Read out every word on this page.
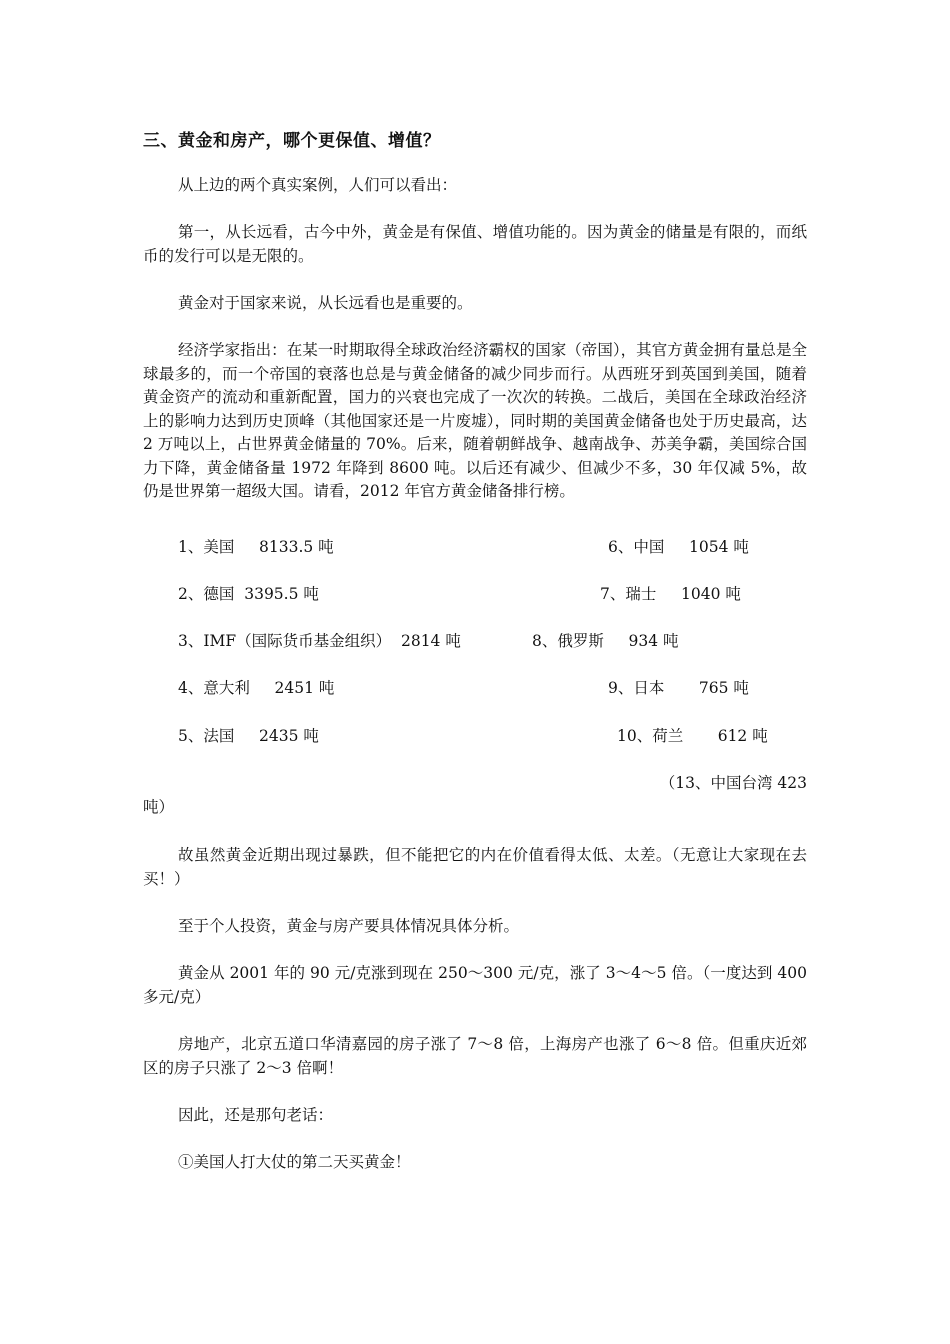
三、黄金和房产，哪个更保值、增值？

从上边的两个真实案例，人们可以看出：

第一，从长远看，古今中外，黄金是有保值、增值功能的。因为黄金的储量是有限的，而纸币的发行可以是无限的。

黄金对于国家来说，从长远看也是重要的。

经济学家指出：在某一时期取得全球政治经济霸权的国家（帝国），其官方黄金拥有量总是全球最多的，而一个帝国的衰落也总是与黄金储备的减少同步而行。从西班牙到英国到美国，随着黄金资产的流动和重新配置，国力的兴衰也完成了一次次的转换。二战后，美国在全球政治经济上的影响力达到历史顶峰（其他国家还是一片废墟），同时期的美国黄金储备也处于历史最高，达 2 万吨以上，占世界黄金储量的 70%。后来，随着朝鲜战争、越南战争、苏美争霸，美国综合国力下降，黄金储备量 1972 年降到 8600 吨。以后还有减少、但减少不多，30 年仅减 5%，故仍是世界第一超级大国。请看，2012 年官方黄金储备排行榜。

1、美国     8133.5 吨	6、中国     1054 吨
2、德国  3395.5 吨	7、瑞士     1040 吨
3、IMF（国际货币基金组织）  2814 吨	8、俄罗斯     934 吨
4、意大利     2451 吨	9、日本       765 吨
5、法国     2435 吨	10、荷兰       612 吨
（13、中国台湾 423
吨）

故虽然黄金近期出现过暴跌，但不能把它的内在价值看得太低、太差。（无意让大家现在去买！）

至于个人投资，黄金与房产要具体情况具体分析。

黄金从 2001 年的 90 元/克涨到现在 250～300 元/克，涨了 3～4～5 倍。（一度达到 400 多元/克）

房地产，北京五道口华清嘉园的房子涨了 7～8 倍，上海房产也涨了 6～8 倍。但重庆近郊区的房子只涨了 2～3 倍啊！

因此，还是那句老话：

①美国人打大仗的第二天买黄金！
